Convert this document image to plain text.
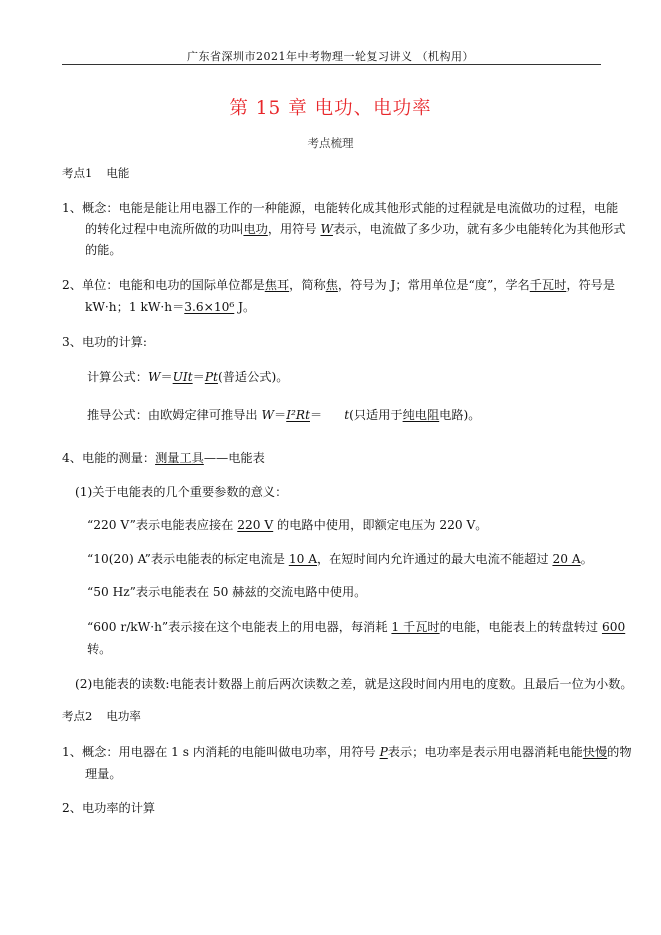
广东省深圳市2021年中考物理一轮复习讲义 （机构用）
第 15 章 电功、电功率
考点梳理
考点1 电能
1、概念：电能是能让用电器工作的一种能源，电能转化成其他形式能的过程就是电流做功的过程，电能
的转化过程中电流所做的功叫电功，用符号 W表示，电流做了多少功，就有多少电能转化为其他形式
的能。
2、单位：电能和电功的国际单位都是焦耳，简称焦，符号为 J；常用单位是“度”，学名千瓦时，符号是
kW·h；1 kW·h＝3.6×10⁶ J。
3、电功的计算:
计算公式：W＝UIt＝Pt(普适公式)。
推导公式：由欧姆定律可推导出 W＝I²Rt＝ t(只适用于纯电阻电路)。
4、电能的测量：测量工具——电能表
(1)关于电能表的几个重要参数的意义：
“220 V”表示电能表应接在 220 V 的电路中使用，即额定电压为 220 V。
“10(20) A”表示电能表的标定电流是 10 A，在短时间内允许通过的最大电流不能超过 20 A。
“50 Hz”表示电能表在 50 赫兹的交流电路中使用。
“600 r/kW·h”表示接在这个电能表上的用电器，每消耗 1 千瓦时的电能，电能表上的转盘转过 600
转。
(2)电能表的读数:电能表计数器上前后两次读数之差，就是这段时间内用电的度数。且最后一位为小数。
考点2 电功率
1、概念：用电器在 1 s 内消耗的电能叫做电功率，用符号 P表示；电功率是表示用电器消耗电能快慢的物
理量。
2、电功率的计算
